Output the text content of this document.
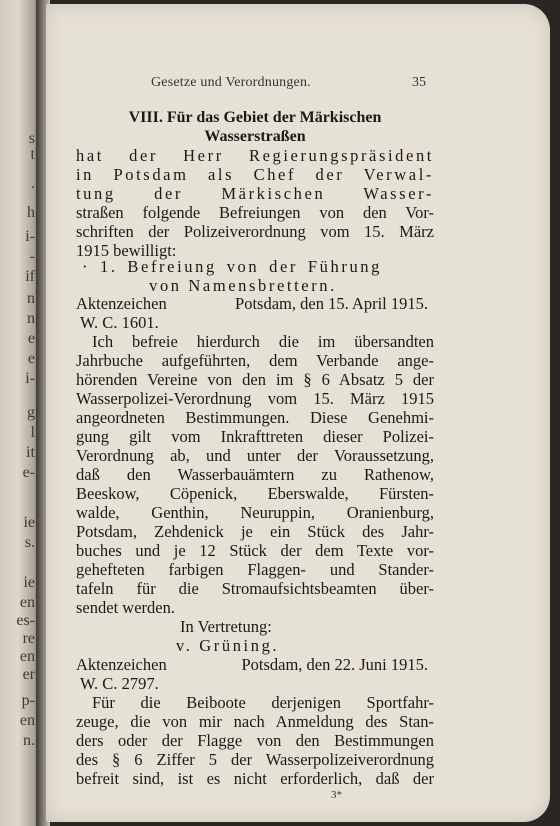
s
t
.
h
i-
-
if
n
n
e
e
i-
g
l
it
e-
ie
s.
ie
en
es-
re
en
er
p-
en
n.
Gesetze und Verordnungen.	35
VIII. Für das Gebiet der Märkischen
Wasserstraßen
hat der Herr Regierungspräsident
in Potsdam als Chef der Verwal-
tung der Märkischen Wasser-
straßen folgende Befreiungen von den Vor-
schriften der Polizeiverordnung vom 15. März
1915 bewilligt:
· 1. Befreiung von der Führung
von Namensbrettern.
Aktenzeichen	Potsdam, den 15. April 1915.
W. C. 1601.
Ich befreie hierdurch die im übersandten
Jahrbuche aufgeführten, dem Verbande ange-
hörenden Vereine von den im § 6 Absatz 5 der
Wasserpolizei-Verordnung vom 15. März 1915
angeordneten Bestimmungen. Diese Genehmi-
gung gilt vom Inkrafttreten dieser Polizei-
Verordnung ab, und unter der Voraussetzung,
daß den Wasserbauämtern zu Rathenow,
Beeskow, Cöpenick, Eberswalde, Fürsten-
walde, Genthin, Neuruppin, Oranienburg,
Potsdam, Zehdenick je ein Stück des Jahr-
buches und je 12 Stück der dem Texte vor-
gehefteten farbigen Flaggen- und Stander-
tafeln für die Stromaufsichtsbeamten über-
sendet werden.
In Vertretung:
v. Grüning.
Aktenzeichen	Potsdam, den 22. Juni 1915.
W. C. 2797.
Für die Beiboote derjenigen Sportfahr-
zeuge, die von mir nach Anmeldung des Stan-
ders oder der Flagge von den Bestimmungen
des § 6 Ziffer 5 der Wasserpolizeiverordnung
befreit sind, ist es nicht erforderlich, daß der
3*
